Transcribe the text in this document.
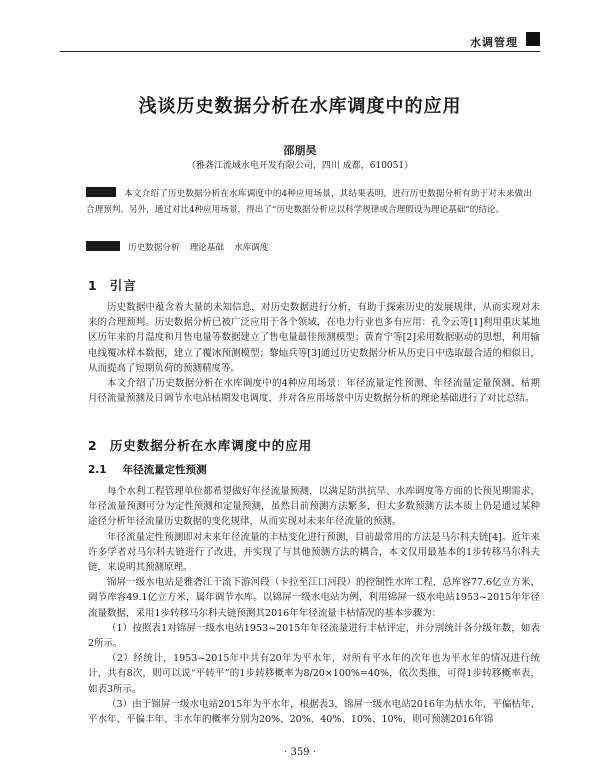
水调管理
浅谈历史数据分析在水库调度中的应用
邵朋昊
（雅砻江流域水电开发有限公司，四川 成都，610051）
本文介绍了历史数据分析在水库调度中的4种应用场景，其结果表明，进行历史数据分析有助于对未来做出合理预判。另外，通过对比4种应用场景，得出了“历史数据分析应以科学规律或合理假设为理论基础”的结论。
历史数据分析 理论基础 水库调度
1 引言

历史数据中蕴含着大量的未知信息，对历史数据进行分析，有助于探索历史的发展规律，从而实现对未来的合理预判。历史数据分析已被广泛应用于各个领域，在电力行业也多有应用：孔令云等[1]利用重庆某地区历年来的月温度和月售电量等数据建立了售电量最佳预测模型；黄育宁等[2]采用数据驱动的思想，利用输电线覆冰样本数据，建立了覆冰预测模型；黎灿兵等[3]通过历史数据分析从历史日中选取最合适的相似日，从而提高了短期负荷的预测精度等。

本文介绍了历史数据分析在水库调度中的4种应用场景：年径流量定性预测、年径流量定量预测、枯期月径流量预测及日调节水电站枯期发电调度，并对各应用场景中历史数据分析的理论基础进行了对比总结。

2 历史数据分析在水库调度中的应用
2.1 年径流量定性预测

每个水利工程管理单位都希望做好年径流量预测，以满足防洪抗旱、水库调度等方面的长预见期需求，年径流量预测可分为定性预测和定量预测，虽然目前预测方法繁多，但大多数预测方法本质上仍是通过某种途径分析年径流量历史数据的变化规律，从而实现对未来年径流量的预测。

年径流量定性预测即对未来年径流量的丰枯变化进行预测，目前最常用的方法是马尔科夫链[4]。近年来许多学者对马尔科夫链进行了改进，并实现了与其他预测方法的耦合，本文仅用最基本的1步转移马尔科夫链，来说明其预测原理。

锦屏一级水电站是雅砻江干流下游河段（卡拉至江口河段）的控制性水库工程，总库容77.6亿立方米，调节库容49.1亿立方米，属年调节水库。以锦屏一级水电站为例，利用锦屏一级水电站1953~2015年年径流量数据，采用1步转移马尔科夫链预测其2016年年径流量丰枯情况的基本步骤为：

（1）按照表1对锦屏一级水电站1953~2015年年径流量进行丰枯评定，并分别统计各分级年数，如表2所示。

（2）经统计，1953~2015年中共有20年为平水年，对所有平水年的次年也为平水年的情况进行统计，共有8次，则可以说“平转平”的1步转移概率为8/20×100%=40%，依次类推，可得1步转移概率表，如表3所示。

（3）由于锦屏一级水电站2015年为平水年，根据表3，锦屏一级水电站2016年为枯水年、平偏枯年、平水年、平偏丰年、丰水年的概率分别为20%、20%、40%、10%、10%，则可预测2016年锦

· 359 ·
